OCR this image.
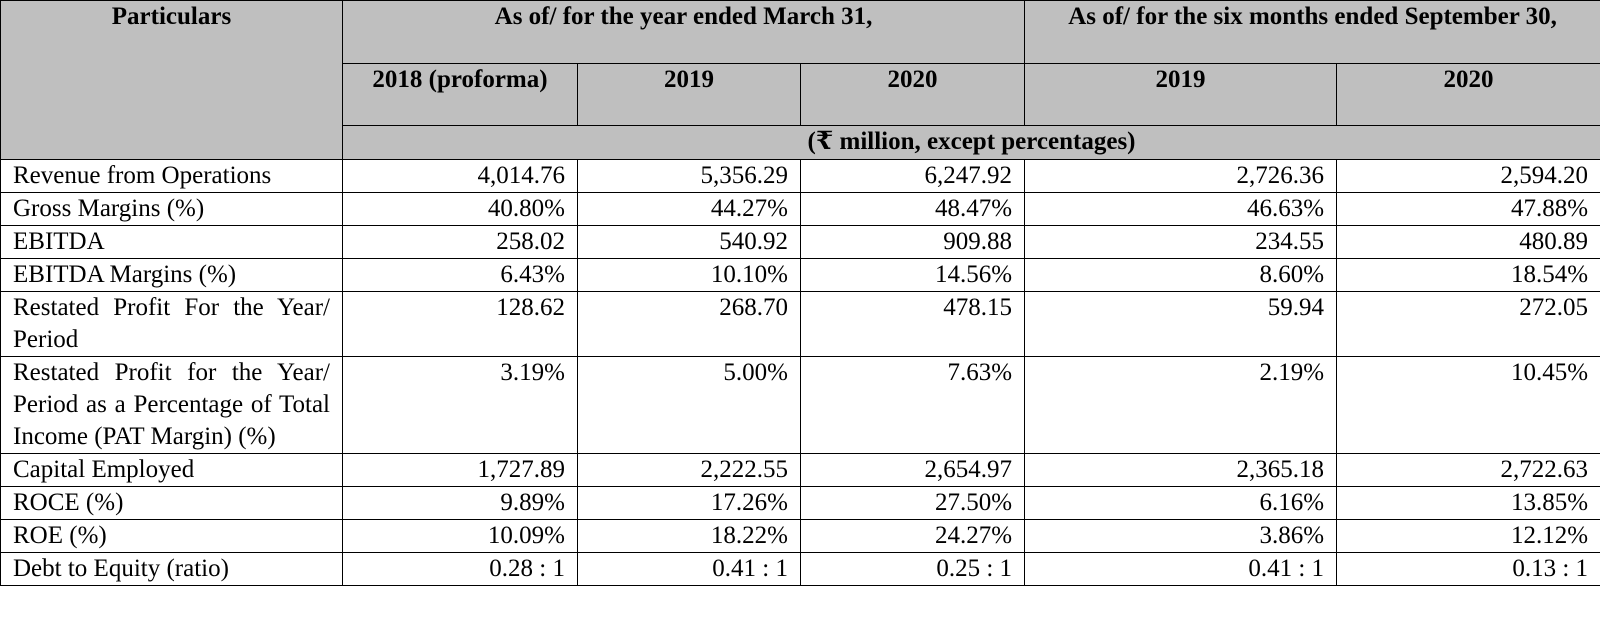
Particulars	As of/ for the year ended March 31,			As of/ for the six months ended September 30,	
	2018 (proforma)	2019	2020	2019	2020
	(₹ million, except percentages)				
Revenue from Operations	4,014.76	5,356.29	6,247.92	2,726.36	2,594.20
Gross Margins (%)	40.80%	44.27%	48.47%	46.63%	47.88%
EBITDA	258.02	540.92	909.88	234.55	480.89
EBITDA Margins (%)	6.43%	10.10%	14.56%	8.60%	18.54%
Restated Profit For the Year/ Period	128.62	268.70	478.15	59.94	272.05
Restated Profit for the Year/ Period as a Percentage of Total Income (PAT Margin) (%)	3.19%	5.00%	7.63%	2.19%	10.45%
Capital Employed	1,727.89	2,222.55	2,654.97	2,365.18	2,722.63
ROCE (%)	9.89%	17.26%	27.50%	6.16%	13.85%
ROE (%)	10.09%	18.22%	24.27%	3.86%	12.12%
Debt to Equity (ratio)	0.28 : 1	0.41 : 1	0.25 : 1	0.41 : 1	0.13 : 1
